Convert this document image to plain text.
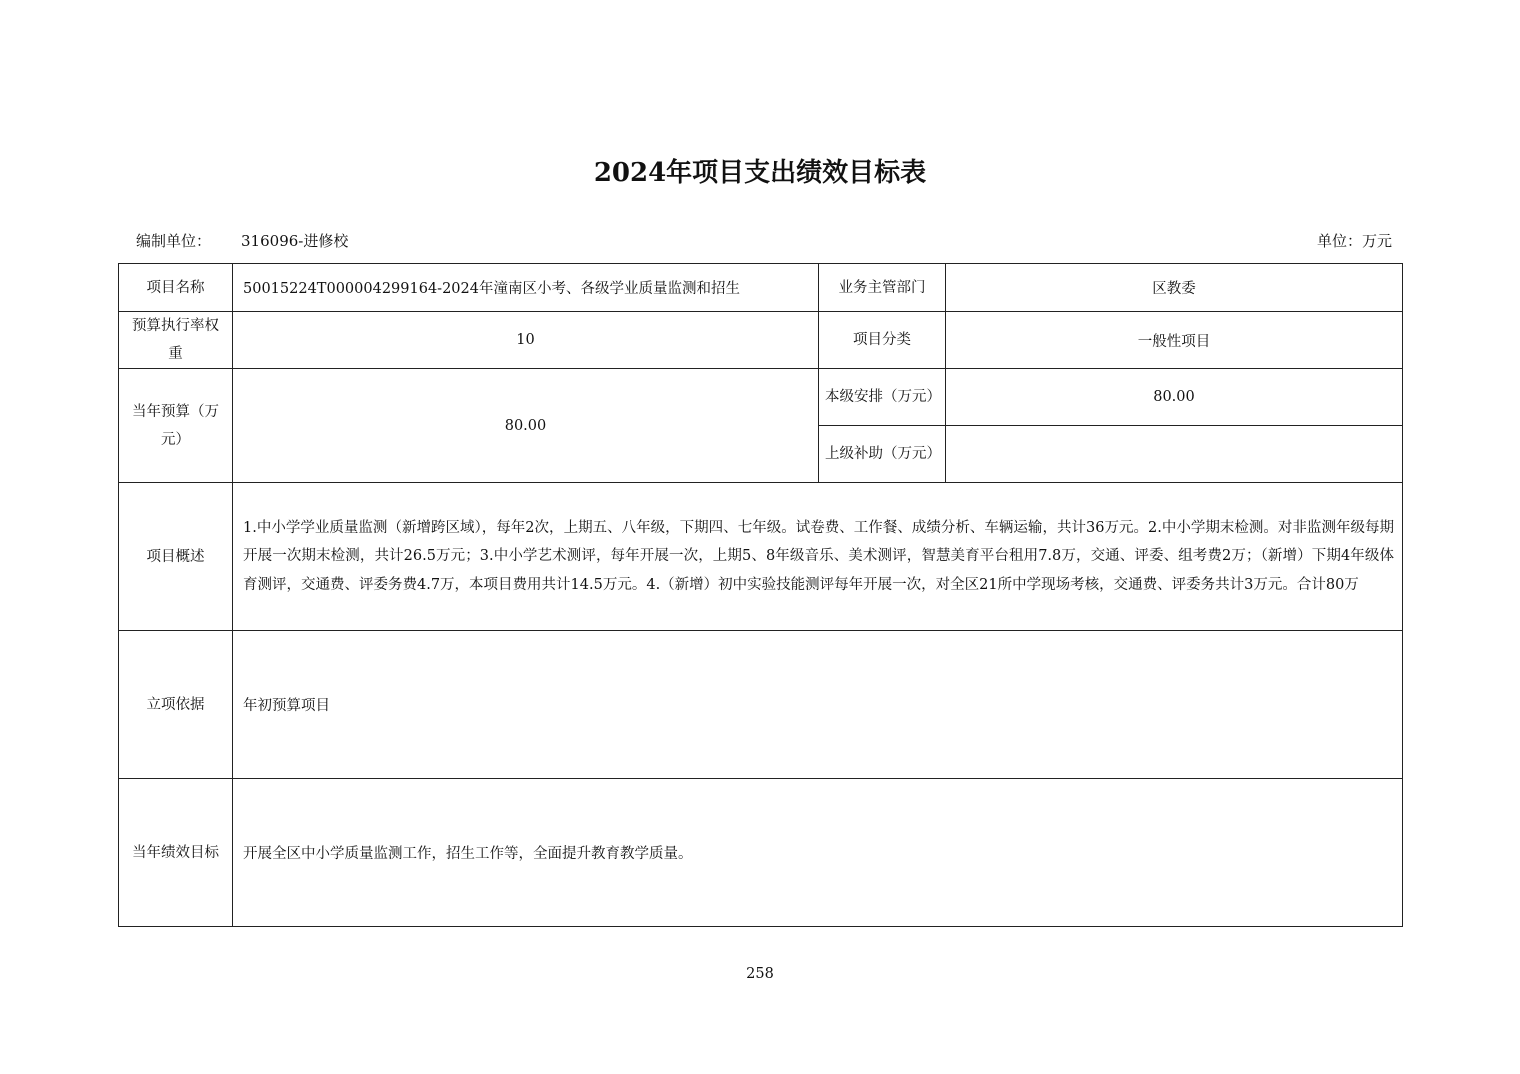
2024年项目支出绩效目标表
编制单位： 316096-进修校	单位：万元
项目名称	50015224T000004299164-2024年潼南区小考、各级学业质量监测和招生	业务主管部门	区教委
预算执行率权重	10	项目分类	一般性项目
当年预算（万元）	80.00	本级安排（万元）	80.00
		上级补助（万元）	
项目概述	1.中小学学业质量监测（新增跨区域），每年2次，上期五、八年级，下期四、七年级。试卷费、工作餐、成绩分析、车辆运输，共计36万元。2.中小学期末检测。对非监测年级每期开展一次期末检测，共计26.5万元；3.中小学艺术测评，每年开展一次，上期5、8年级音乐、美术测评，智慧美育平台租用7.8万，交通、评委、组考费2万；（新增）下期4年级体育测评，交通费、评委务费4.7万，本项目费用共计14.5万元。4.（新增）初中实验技能测评每年开展一次，对全区21所中学现场考核，交通费、评委务共计3万元。合计80万		
立项依据	年初预算项目		
当年绩效目标	开展全区中小学质量监测工作，招生工作等，全面提升教育教学质量。		
258
